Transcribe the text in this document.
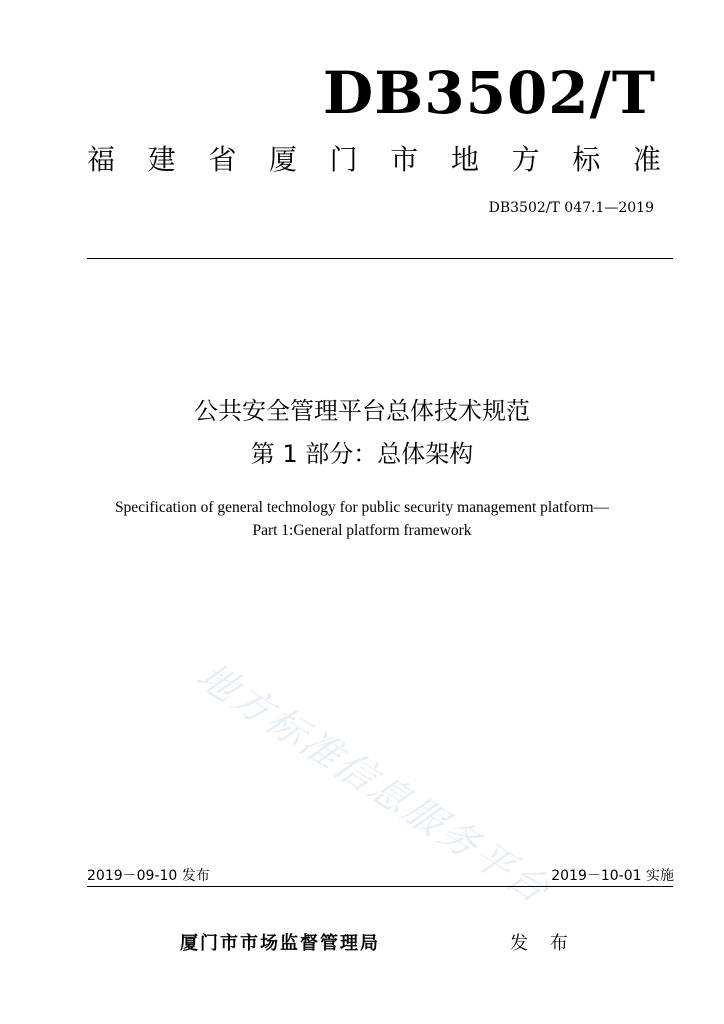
DB3502/T
福 建 省 厦 门 市 地 方 标 准
DB3502/T 047.1—2019
公共安全管理平台总体技术规范
第 1 部分：总体架构
Specification of general technology for public security management platform—
Part 1:General platform framework
地方标准信息服务平台
2019－09-10 发布	2019－10-01 实施
厦门市市场监督管理局	发 布
